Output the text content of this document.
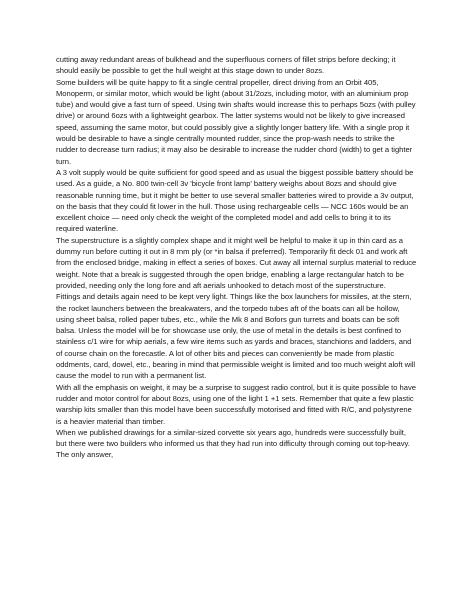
cutting away redundant areas of bulkhead and the superfluous corners of fillet strips before decking; it should easily be possible to get the hull weight at this stage down to under 8ozs.

Some builders will be quite happy to fit a single central propeller, direct driving from an Orbit 405, Monoperm, or similar motor, which would be light (about 31/2ozs, including motor, with an aluminium prop tube) and would give a fast turn of speed. Using twin shafts would increase this to perhaps 5ozs (with pulley drive) or around 6ozs with a lightweight gearbox. The latter systems would not be likely to give increased speed, assuming the same motor, but could possibly give a slightly longer battery life. With a single prop it would be desirable to have a single centrally mounted rudder, since the prop-wash needs to strike the rudder to decrease turn radius; it may also be desirable to increase the rudder chord (width) to get a tighter turn.

A 3 volt supply would be quite sufficient for good speed and as usual the biggest possible battery should be used. As a guide, a No. 800 twin-cell 3v 'bicycle front lamp' battery weighs about 8ozs and should give reasonable running time, but it might be better to use several smaller batteries wired to provide a 3v output, on the basis that they could fit lower in the hull. Those using rechargeable cells — NCC 160s would be an excellent choice — need only check the weight of the completed model and add cells to bring it to its required waterline.

The superstructure is a slightly complex shape and it might well be helpful to make it up in thin card as a dummy run before cutting it out in 8 rnm ply (or *in balsa if preferred). Temporarily fit deck 01 and work aft from the enclosed bridge, making in effect a series of boxes. Cut away all internal surplus material to reduce weight. Note that a break is suggested through the open bridge, enabling a large rectangular hatch to be provided, needing only the long fore and aft aerials unhooked to detach most of the superstructure.

Fittings and details again need to be kept very light. Things like the box launchers for missiles, at the stern, the rocket launchers between the breakwaters, and the torpedo tubes aft of the boats can all be hollow, using sheet balsa, rolled paper tubes, etc., while the Mk 8 and Bofors gun turrets and boats can be soft balsa. Unless the model will be for showcase use only, the use of metal in the details is best confined to stainless c/1 wire for whip aerials, a few wire items such as yards and braces, stanchions and ladders, and of course chain on the forecastle. A lot of other bits and pieces can conveniently be made from plastic oddments, card, dowel, etc., bearing in mind that permissible weight is limited and too much weight aloft will cause the model to run with a permanent list.

With all the emphasis on weight, it may be a surprise to suggest radio control, but it is quite possible to have rudder and motor control for about 8ozs, using one of the light 1 +1 sets. Remember that quite a few plastic warship kits smaller than this model have been successfully motorised and fitted with R/C, and polystyrene is a heavier material than timber.

When we published drawings for a similar-sized corvette six years ago, hundreds were successfully built, but there were two builders who informed us that they had run into difficulty through coming out top-heavy. The only answer,
